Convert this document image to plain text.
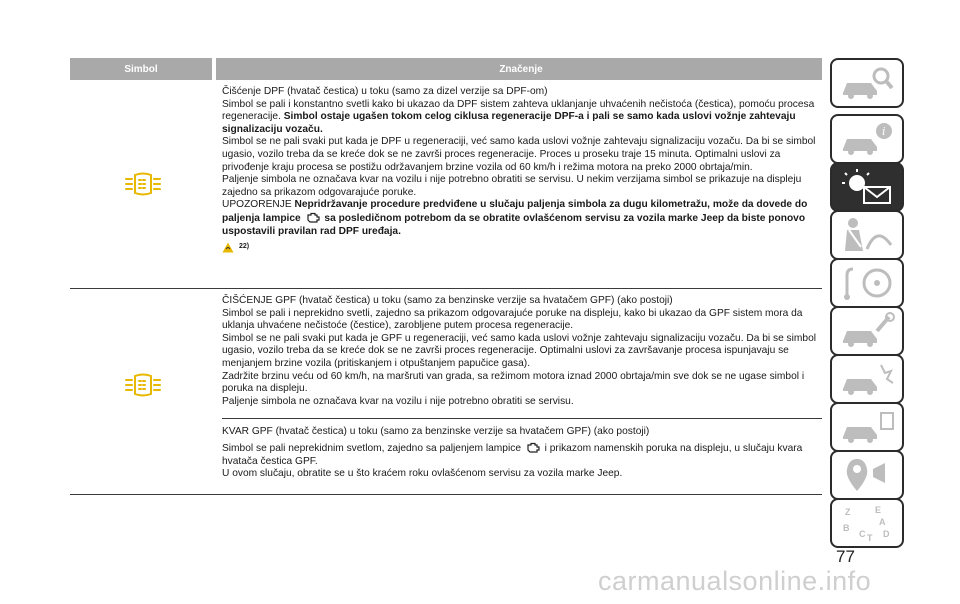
Simbol	Značenje

Čišćenje DPF (hvatač čestica) u toku (samo za dizel verzije sa DPF-om)

Simbol se pali i konstantno svetli kako bi ukazao da DPF sistem zahteva uklanjanje uhvaćenih nečistoća (čestica), pomoću procesa regeneracije. Simbol ostaje ugašen tokom celog ciklusa regeneracije DPF-a i pali se samo kada uslovi vožnje zahtevaju signalizaciju vozaču.

Simbol se ne pali svaki put kada je DPF u regeneraciji, već samo kada uslovi vožnje zahtevaju signalizaciju vozaču. Da bi se simbol ugasio, vozilo treba da se kreće dok se ne završi proces regeneracije. Proces u proseku traje 15 minuta. Optimalni uslovi za privođenje kraju procesa se postižu održavanjem brzine vozila od 60 km/h i režima motora na preko 2000 obrtaja/min.

Paljenje simbola ne označava kvar na vozilu i nije potrebno obratiti se servisu. U nekim verzijama simbol se prikazuje na displeju zajedno sa prikazom odgovarajuće poruke.

UPOZORENJE Nepridržavanje procedure predviđene u slučaju paljenja simbola za dugu kilometražu, može da dovede do paljenja lampice sa posledičnom potrebom da se obratite ovlašćenom servisu za vozila marke Jeep da biste ponovo uspostavili pravilan rad DPF uređaja.

22)

ČIŠĆENJE GPF (hvatač čestica) u toku (samo za benzinske verzije sa hvatačem GPF) (ako postoji)

Simbol se pali i neprekidno svetli, zajedno sa prikazom odgovarajuće poruke na displeju, kako bi ukazao da GPF sistem mora da uklanja uhvaćene nečistoće (čestice), zarobljene putem procesa regeneracije.

Simbol se ne pali svaki put kada je GPF u regeneraciji, već samo kada uslovi vožnje zahtevaju signalizaciju vozaču. Da bi se simbol ugasio, vozilo treba da se kreće dok se ne završi proces regeneracije. Optimalni uslovi za završavanje procesa ispunjavaju se menjanjem brzine vozila (pritiskanjem i otpuštanjem papučice gasa).

Zadržite brzinu veću od 60 km/h, na maršruti van grada, sa režimom motora iznad 2000 obrtaja/min sve dok se ne ugase simbol i poruka na displeju.

Paljenje simbola ne označava kvar na vozilu i nije potrebno obratiti se servisu.

KVAR GPF (hvatač čestica) u toku (samo za benzinske verzije sa hvatačem GPF) (ako postoji)

Simbol se pali neprekidnim svetlom, zajedno sa paljenjem lampice i prikazom namenskih poruka na displeju, u slučaju kvara hvatača čestica GPF.

U ovom slučaju, obratite se u što kraćem roku ovlašćenom servisu za vozila marke Jeep.

i
Z	E
A
B
C T D
77
carmanualsonline.info
